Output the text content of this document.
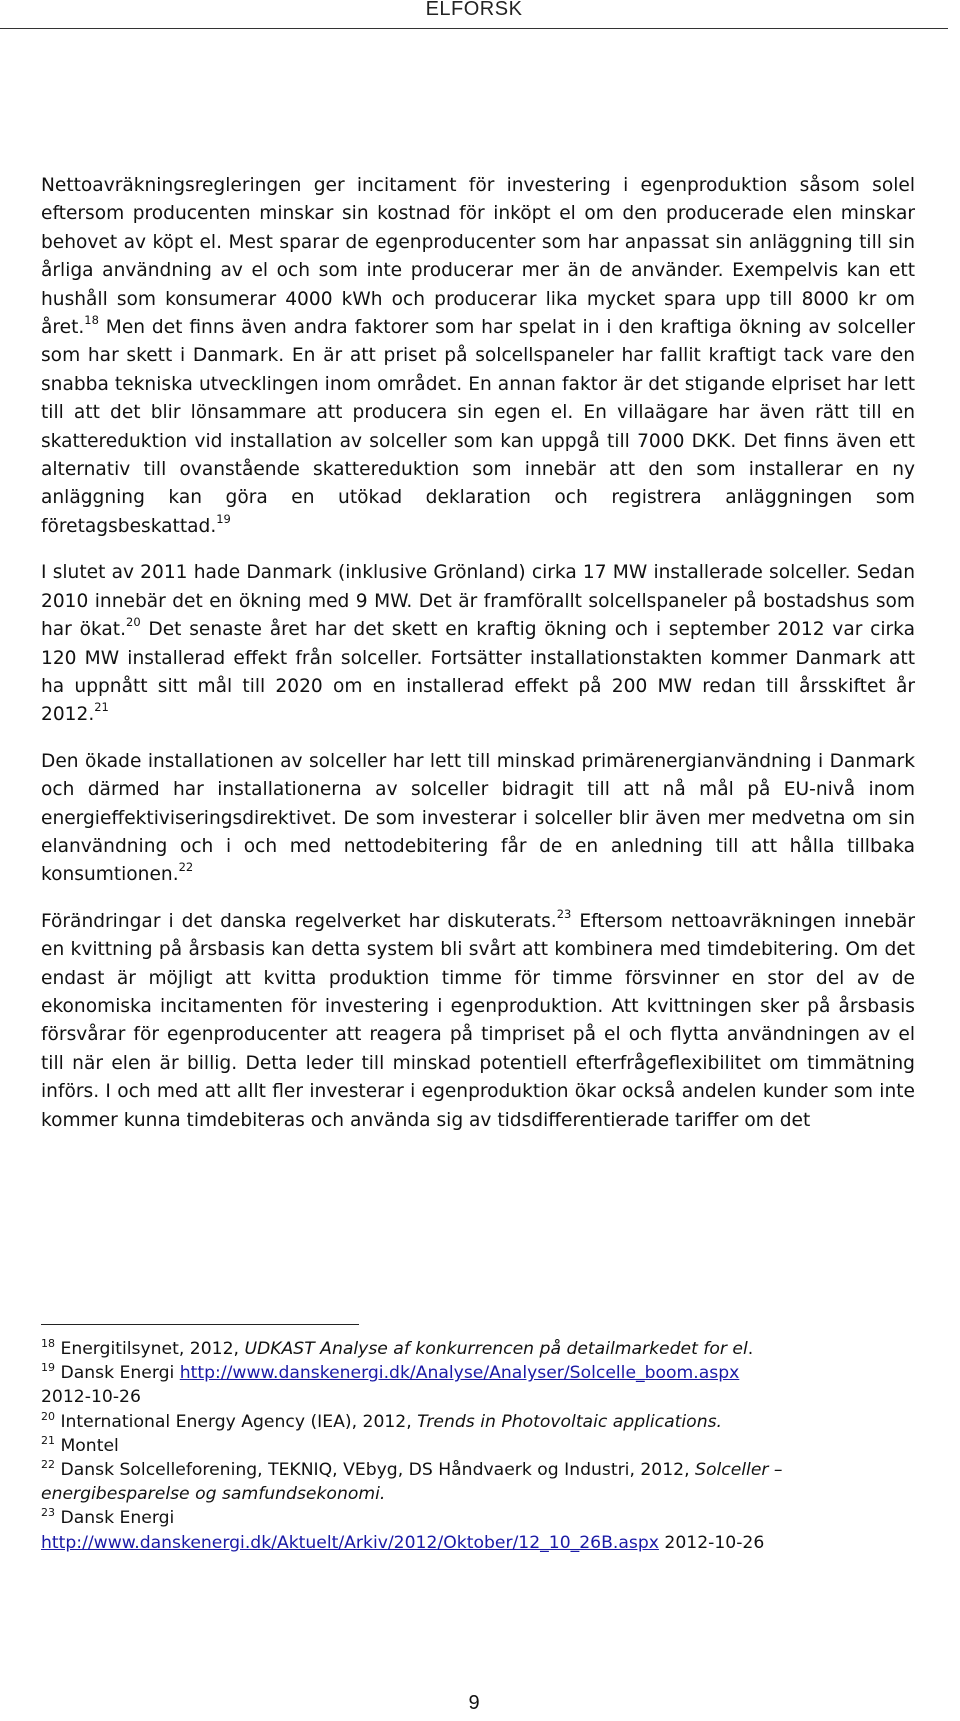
ELFORSK

Nettoavräkningsregleringen ger incitament för investering i egenproduktion såsom solel eftersom producenten minskar sin kostnad för inköpt el om den producerade elen minskar behovet av köpt el. Mest sparar de egenproducenter som har anpassat sin anläggning till sin årliga användning av el och som inte producerar mer än de använder. Exempelvis kan ett hushåll som konsumerar 4000 kWh och producerar lika mycket spara upp till 8000 kr om året.$^{18}$ Men det finns även andra faktorer som har spelat in i den kraftiga ökning av solceller som har skett i Danmark. En är att priset på solcellspaneler har fallit kraftigt tack vare den snabba tekniska utvecklingen inom området. En annan faktor är det stigande elpriset har lett till att det blir lönsammare att producera sin egen el. En villaägare har även rätt till en skattereduktion vid installation av solceller som kan uppgå till 7000 DKK. Det finns även ett alternativ till ovanstående skattereduktion som innebär att den som installerar en ny anläggning kan göra en utökad deklaration och registrera anläggningen som företagsbeskattad.$^{19}$

I slutet av 2011 hade Danmark (inklusive Grönland) cirka 17 MW installerade solceller. Sedan 2010 innebär det en ökning med 9 MW. Det är framförallt solcellspaneler på bostadshus som har ökat.$^{20}$ Det senaste året har det skett en kraftig ökning och i september 2012 var cirka 120 MW installerad effekt från solceller. Fortsätter installationstakten kommer Danmark att ha uppnått sitt mål till 2020 om en installerad effekt på 200 MW redan till årsskiftet år 2012.21

Den ökade installationen av solceller har lett till minskad primärenergianvändning i Danmark och därmed har installationerna av solceller bidragit till att nå mål på EU-nivå inom energieffektiviseringsdirektivet. De som investerar i solceller blir även mer medvetna om sin elanvändning och i och med nettodebitering får de en anledning till att hålla tillbaka konsumtionen.$^{22}$

Förändringar i det danska regelverket har diskuterats.$^{23}$ Eftersom nettoavräkningen innebär en kvittning på årsbasis kan detta system bli svårt att kombinera med timdebitering. Om det endast är möjligt att kvitta produktion timme för timme försvinner en stor del av de ekonomiska incitamenten för investering i egenproduktion. Att kvittningen sker på årsbasis försvårar för egenproducenter att reagera på timpriset på el och flytta användningen av el till när elen är billig. Detta leder till minskad potentiell efterfrågeflexibilitet om timmätning införs. I och med att allt fler investerar i egenproduktion ökar också andelen kunder som inte kommer kunna timdebiteras och använda sig av tidsdifferentierade tariffer om det

$^{18}$ Energitilsynet, 2012, UDKAST Analyse af konkurrencen på detailmarkedet for el.

$^{19}$ Dansk Energi http://www.danskenergi.dk/Analyse/Analyser/Solcelle_boom.aspx
2012-10-26

$^{20}$ International Energy Agency (IEA), 2012, Trends in Photovoltaic applications.

$^{21}$ Montel

$^{22}$ Dansk Solcelleforening, TEKNIQ, VEbyg, DS Håndvaerk og Industri, 2012, Solceller – energibesparelse og samfundsekonomi.

$^{23}$ Dansk Energi
http://www.danskenergi.dk/Aktuelt/Arkiv/2012/Oktober/12_10_26B.aspx 2012-10-26

9
